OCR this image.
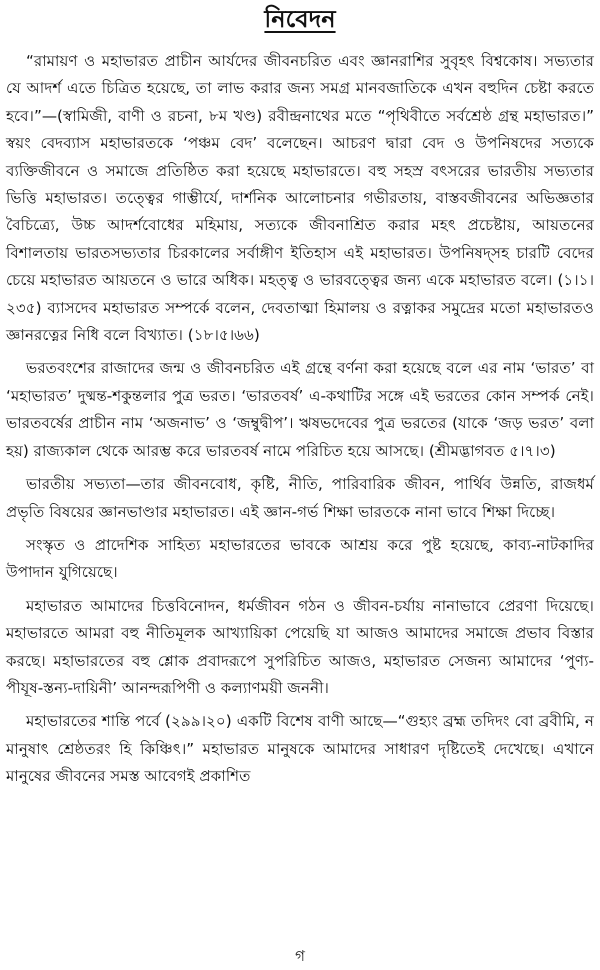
নিবেদন

“রামায়ণ ও মহাভারত প্রাচীন আর্যদের জীবনচরিত এবং জ্ঞানরাশির সুবৃহৎ বিশ্বকোষ। সভ্যতার যে আদর্শ এতে চিত্রিত হয়েছে, তা লাভ করার জন্য সমগ্র মানবজাতিকে এখন বহুদিন চেষ্টা করতে হবে।”—(স্বামিজী, বাণী ও রচনা, ৮ম খণ্ড) রবীন্দ্রনাথের মতে “পৃথিবীতে সর্বশ্রেষ্ঠ গ্রন্থ মহাভারত।” স্বয়ং বেদব্যাস মহাভারতকে ‘পঞ্চম বেদ’ বলেছেন। আচরণ দ্বারা বেদ ও উপনিষদের সত্যকে ব্যক্তিজীবনে ও সমাজে প্রতিষ্ঠিত করা হয়েছে মহাভারতে। বহু সহস্র বৎসরের ভারতীয় সভ্যতার ভিত্তি মহাভারত। তত্ত্বের গাম্ভীর্যে, দার্শনিক আলোচনার গভীরতায়, বাস্তবজীবনের অভিজ্ঞতার বৈচিত্র্যে, উচ্চ আদর্শবোধের মহিমায়, সত্যকে জীবনাশ্রিত করার মহৎ প্রচেষ্টায়, আয়তনের বিশালতায় ভারতসভ্যতার চিরকালের সর্বাঙ্গীণ ইতিহাস এই মহাভারত। উপনিষদ্‌সহ চারটি বেদের চেয়ে মহাভারত আয়তনে ও ভারে অধিক। মহত্ত্ব ও ভারবত্ত্বের জন্য একে মহাভারত বলে। (১।১।২৩৫) ব্যাসদেব মহাভারত সম্পর্কে বলেন, দেবতাত্মা হিমালয় ও রত্নাকর সমুদ্রের মতো মহাভারতও জ্ঞানরত্নের নিধি বলে বিখ্যাত। (১৮।৫।৬৬)

ভরতবংশের রাজাদের জন্ম ও জীবনচরিত এই গ্রন্থে বর্ণনা করা হয়েছে বলে এর নাম ‘ভারত’ বা ‘মহাভারত’ দুষ্মন্ত-শকুন্তলার পুত্র ভরত। ‘ভারতবর্ষ’ এ-কথাটির সঙ্গে এই ভরতের কোন সম্পর্ক নেই। ভারতবর্ষের প্রাচীন নাম ‘অজনাভ’ ও ‘জম্বুদ্বীপ’। ঋষভদেবের পুত্র ভরতের (যাকে ‘জড় ভরত’ বলা হয়) রাজ্যকাল থেকে আরম্ভ করে ভারতবর্ষ নামে পরিচিত হয়ে আসছে। (শ্রীমদ্ভাগবত ৫।৭।৩)

ভারতীয় সভ্যতা—তার জীবনবোধ, কৃষ্টি, নীতি, পারিবারিক জীবন, পার্থিব উন্নতি, রাজধর্ম প্রভৃতি বিষয়ের জ্ঞানভাণ্ডার মহাভারত। এই জ্ঞান-গর্ভ শিক্ষা ভারতকে নানা ভাবে শিক্ষা দিচ্ছে।

সংস্কৃত ও প্রাদেশিক সাহিত্য মহাভারতের ভাবকে আশ্রয় করে পুষ্ট হয়েছে, কাব্য-নাটকাদির উপাদান যুগিয়েছে।

মহাভারত আমাদের চিত্তবিনোদন, ধর্মজীবন গঠন ও জীবন-চর্যায় নানাভাবে প্রেরণা দিয়েছে। মহাভারতে আমরা বহু নীতিমূলক আখ্যায়িকা পেয়েছি যা আজও আমাদের সমাজে প্রভাব বিস্তার করছে। মহাভারতের বহু শ্লোক প্রবাদরূপে সুপরিচিত আজও, মহাভারত সেজন্য আমাদের ‘পুণ্য-পীযূষ-স্তন্য-দায়িনী’ আনন্দরূপিণী ও কল্যাণময়ী জননী।

মহাভারতের শান্তি পর্বে (২৯৯।২০) একটি বিশেষ বাণী আছে—“গুহ্যং ব্রহ্ম তদিদং বো ব্রবীমি, ন মানুষাৎ শ্রেষ্ঠতরং হি কিঞ্চিৎ।” মহাভারত মানুষকে আমাদের সাধারণ দৃষ্টিতেই দেখেছে। এখানে মানুষের জীবনের সমস্ত আবেগই প্রকাশিত

গ
